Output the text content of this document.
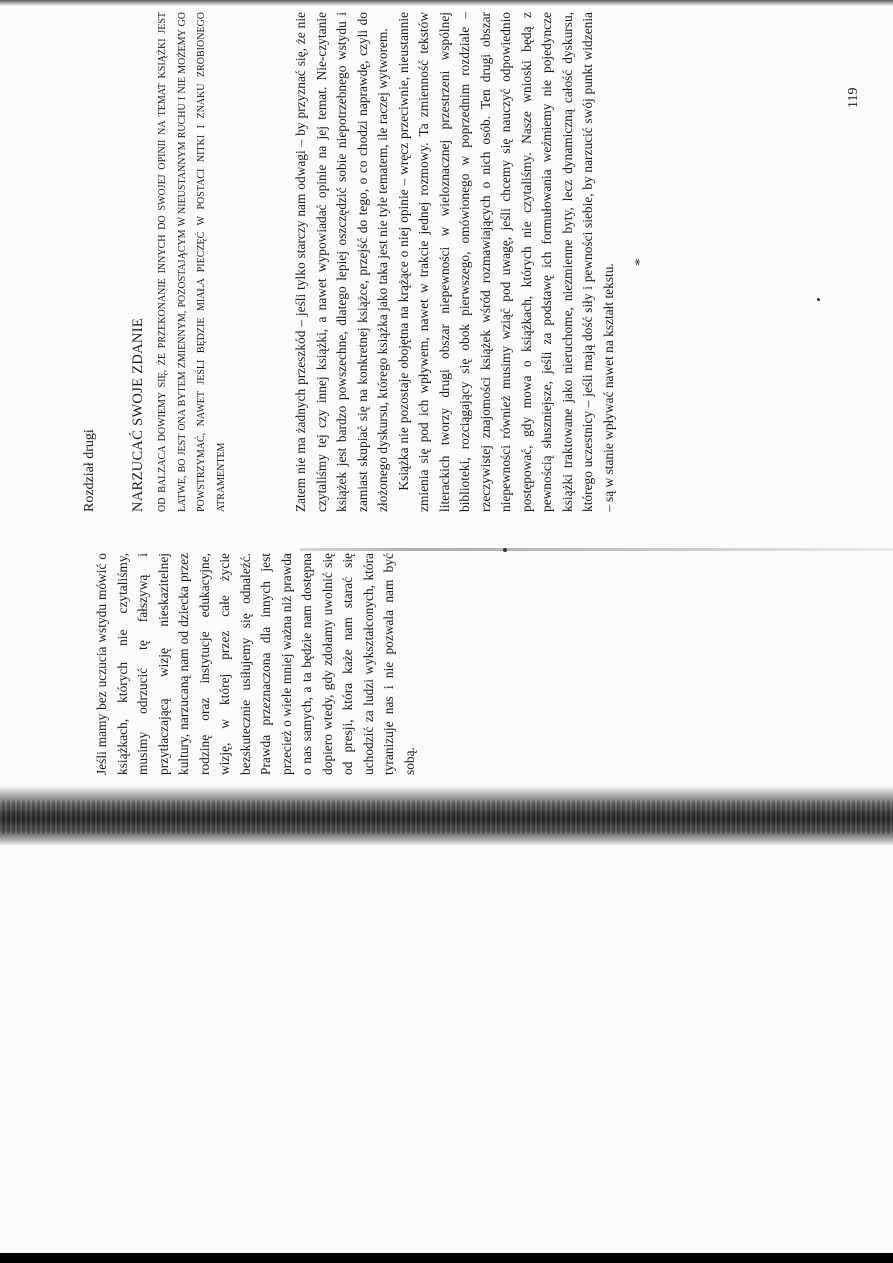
Jeśli mamy bez uczucia wstydu mówić o książkach, których nie czytaliśmy, musimy odrzucić tę fałszywą i przytłaczającą wizję nieskazitelnej kultury, narzucaną nam od dziecka przez rodzinę oraz instytucje edukacyjne, wizję, w której przez całe życie bezskutecznie usiłujemy się odnaleźć. Prawda przeznaczona dla innych jest przecież o wiele mniej ważna niż prawda o nas samych, a ta będzie nam dostępna dopiero wtedy, gdy zdołamy uwolnić się od presji, która każe nam starać się uchodzić za ludzi wykształconych, która tyranizuje nas i nie pozwala nam być sobą.

Rozdział drugi NARZUCAĆ SWOJE ZDANIE	OD BALZACA DOWIEMY SIĘ, ŻE PRZEKONANIE INNYCH DO SWOJEJ OPINII NA TEMAT KSIĄŻKI JEST ŁATWE, BO JEST ONA BYTEM ZMIENNYM, POZOSTAJĄCYM W NIEUSTANNYM RUCHU I NIE MOŻEMY GO POWSTRZYMAĆ, NAWET JEŚLI BĘDZIE MIAŁA PIECZĘĆ W POSTACI NITKI I ZNAKU ZROBIONEGO ATRAMENTEM	Zatem nie ma żadnych przeszkód – jeśli tylko starczy nam odwagi – by przyznać się, że nie czytaliśmy tej czy innej książki, a nawet wypowiadać opinie na jej temat. Nie-czytanie książek jest bardzo powszechne, dlatego lepiej oszczędzić sobie niepotrzebnego wstydu i zamiast skupiać się na konkretnej książce, przejść do tego, o co chodzi naprawdę, czyli do złożonego dyskursu, którego książka jako taka jest nie tyle tematem, ile raczej wytworem. Książka nie pozostaje obojętna na krążące o niej opinie – wręcz przeciwnie, nieustannie zmienia się pod ich wpływem, nawet w trakcie jednej rozmowy. Ta zmienność tekstów literackich tworzy drugi obszar niepewności w wieloznacznej przestrzeni wspólnej biblioteki, rozciągający się obok pierwszego, omówionego w poprzednim rozdziale – rzeczywistej znajomości książek wśród rozmawiających o nich osób. Ten drugi obszar niepewności również musimy wziąć pod uwagę, jeśli chcemy się nauczyć odpowiednio postępować, gdy mowa o książkach, których nie czytaliśmy. Nasze wnioski będą z pewnością słuszniejsze, jeśli za podstawę ich formułowania weźmiemy nie pojedyncze książki traktowane jako nieruchome, niezmienne byty, lecz dynamiczną całość dyskursu, którego uczestnicy – jeśli mają dość siły i pewności siebie, by narzucić swój punkt widzenia – są w stanie wpływać nawet na kształt tekstu.

*
119
